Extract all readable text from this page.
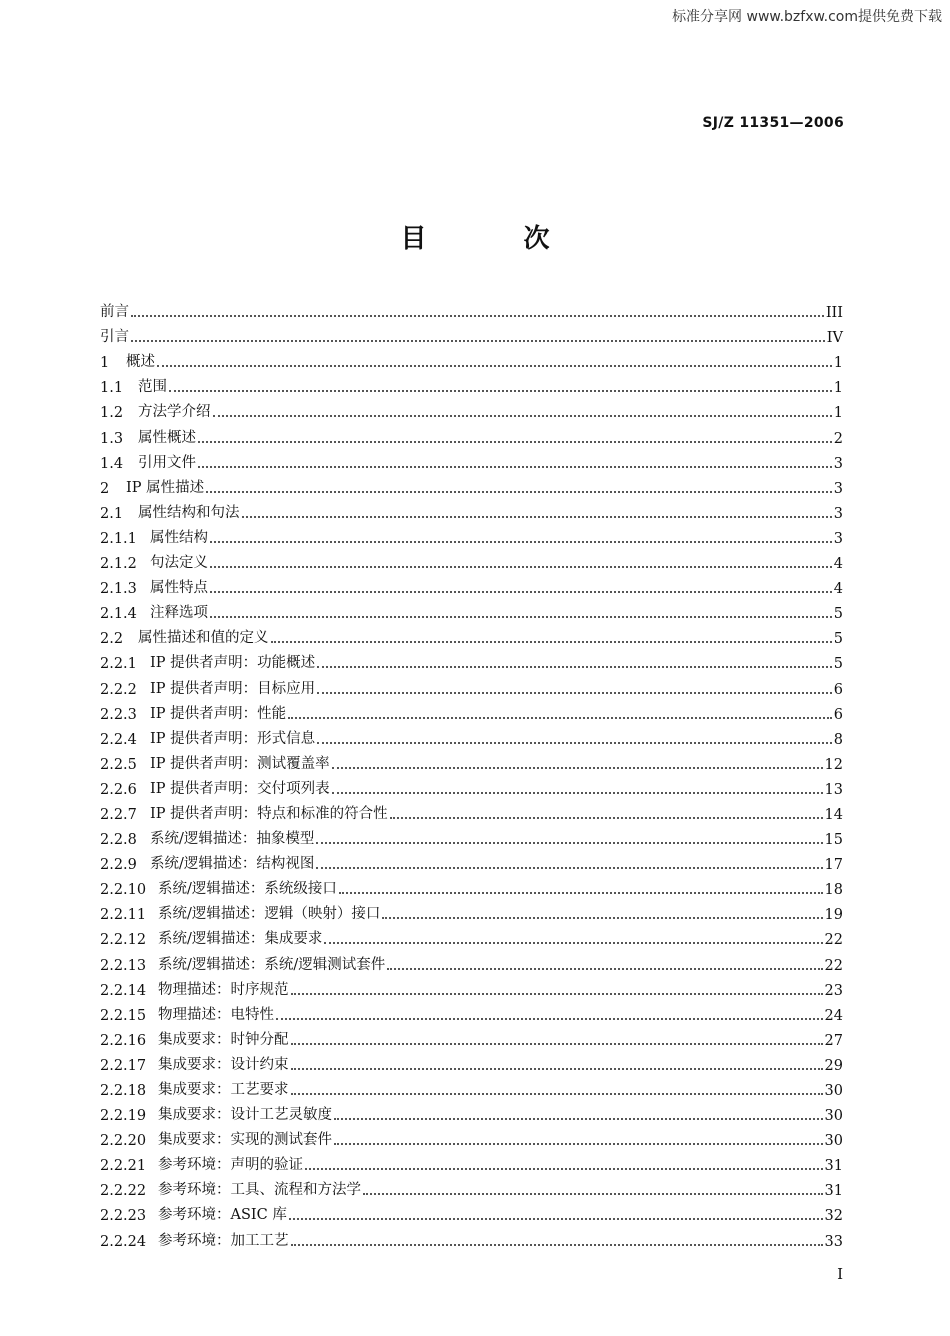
标准分享网 www.bzfxw.com提供免费下载
SJ/Z 11351—2006
目 次
前言	III
引言	IV
1	概述	1
1.1	范围	1
1.2	方法学介绍	1
1.3	属性概述	2
1.4	引用文件	3
2	IP 属性描述	3
2.1	属性结构和句法	3
2.1.1 属性结构	3
2.1.2 句法定义	4
2.1.3 属性特点	4
2.1.4 注释选项	5
2.2	属性描述和值的定义	5
2.2.1 IP 提供者声明：功能概述	5
2.2.2 IP 提供者声明：目标应用	6
2.2.3 IP 提供者声明：性能	6
2.2.4 IP 提供者声明：形式信息	8
2.2.5 IP 提供者声明：测试覆盖率	12
2.2.6 IP 提供者声明：交付项列表	13
2.2.7 IP 提供者声明：特点和标准的符合性	14
2.2.8 系统/逻辑描述：抽象模型	15
2.2.9 系统/逻辑描述：结构视图	17
2.2.10 系统/逻辑描述：系统级接口	18
2.2.11 系统/逻辑描述：逻辑（映射）接口	19
2.2.12 系统/逻辑描述：集成要求	22
2.2.13 系统/逻辑描述：系统/逻辑测试套件	22
2.2.14 物理描述：时序规范	23
2.2.15 物理描述：电特性	24
2.2.16 集成要求：时钟分配	27
2.2.17 集成要求：设计约束	29
2.2.18 集成要求：工艺要求	30
2.2.19 集成要求：设计工艺灵敏度	30
2.2.20 集成要求：实现的测试套件	30
2.2.21 参考环境：声明的验证	31
2.2.22 参考环境：工具、流程和方法学	31
2.2.23 参考环境：ASIC 库	32
2.2.24 参考环境：加工工艺	33
I
